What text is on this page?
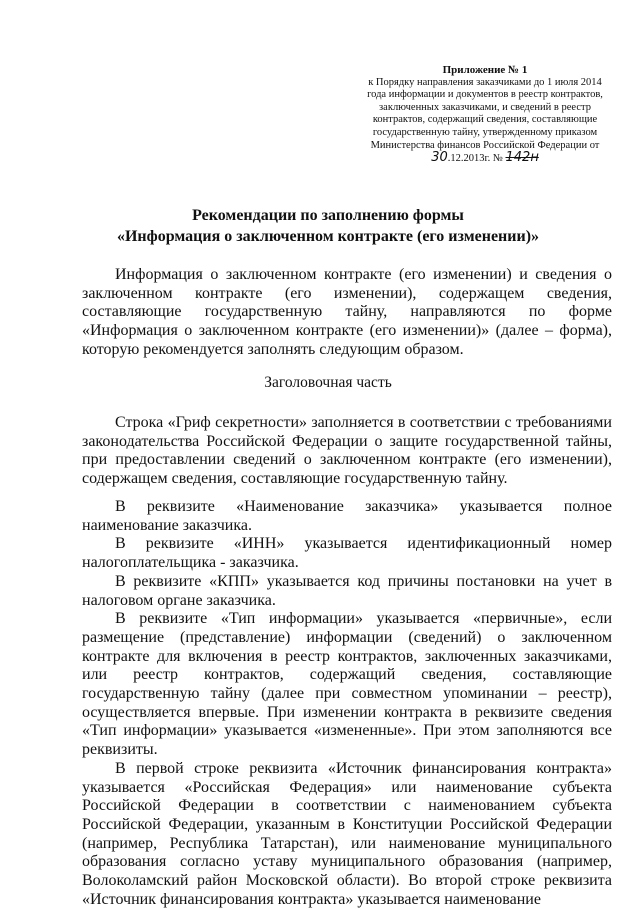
Приложение № 1
к Порядку направления заказчиками до 1 июля 2014
года информации и документов в реестр контрактов,
заключенных заказчиками, и сведений в реестр
контрактов, содержащий сведения, составляющие
государственную тайну, утвержденному приказом
Министерства финансов Российской Федерации от
30.12.2013г. № 142н
Рекомендации по заполнению формы
«Информация о заключенном контракте (его изменении)»

Информация о заключенном контракте (его изменении) и сведения о заключенном контракте (его изменении), содержащем сведения, составляющие государственную тайну, направляются по форме «Информация о заключенном контракте (его изменении)» (далее – форма), которую рекомендуется заполнять следующим образом.

Заголовочная часть

Строка «Гриф секретности» заполняется в соответствии с требованиями законодательства Российской Федерации о защите государственной тайны, при предоставлении сведений о заключенном контракте (его изменении), содержащем сведения, составляющие государственную тайну.

В реквизите «Наименование заказчика» указывается полное наименование заказчика.

В реквизите «ИНН» указывается идентификационный номер

налогоплательщика - заказчика.

В реквизите «КПП» указывается код причины постановки на учет в налоговом органе заказчика.

В реквизите «Тип информации» указывается «первичные», если размещение (представление) информации (сведений) о заключенном контракте для включения в реестр контрактов, заключенных заказчиками, или реестр контрактов, содержащий сведения, составляющие государственную тайну (далее при совместном упоминании – реестр), осуществляется впервые. При изменении контракта в реквизите сведения «Тип информации» указывается «измененные». При этом заполняются все реквизиты.

В первой строке реквизита «Источник финансирования контракта» указывается «Российская Федерация» или наименование субъекта Российской Федерации в соответствии с наименованием субъекта Российской Федерации, указанным в Конституции Российской Федерации (например, Республика Татарстан), или наименование муниципального образования согласно уставу муниципального образования (например, Волоколамский район Московской области). Во второй строке реквизита «Источник финансирования контракта» указывается наименование
